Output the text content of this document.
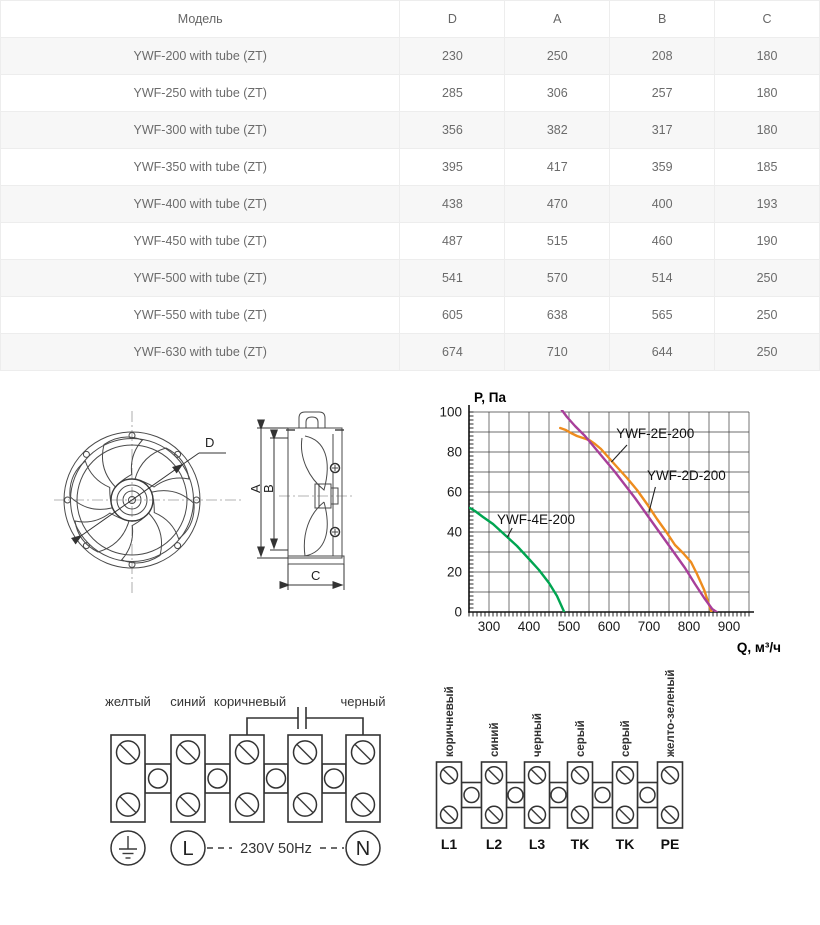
Модель	D	A	B	C
YWF-200 with tube (ZT)	230	250	208	180
YWF-250 with tube (ZT)	285	306	257	180
YWF-300 with tube (ZT)	356	382	317	180
YWF-350 with tube (ZT)	395	417	359	185
YWF-400 with tube (ZT)	438	470	400	193
YWF-450 with tube (ZT)	487	515	460	190
YWF-500 with tube (ZT)	541	570	514	250
YWF-550 with tube (ZT)	605	638	565	250
YWF-630 with tube (ZT)	674	710	644	250
D
A
B
C
300 400 500 600 700 800 900
0
20
40
60
80
100
YWF-2E-200
YWF-2D-200
YWF-4E-200
P, Па
Q, м³/ч
желтый синий коричневый	черный
L	230V 50Hz N
коричневый	синий	черный	серый	серый	желто-зеленый
L1 L2 L3 TK TK PE
